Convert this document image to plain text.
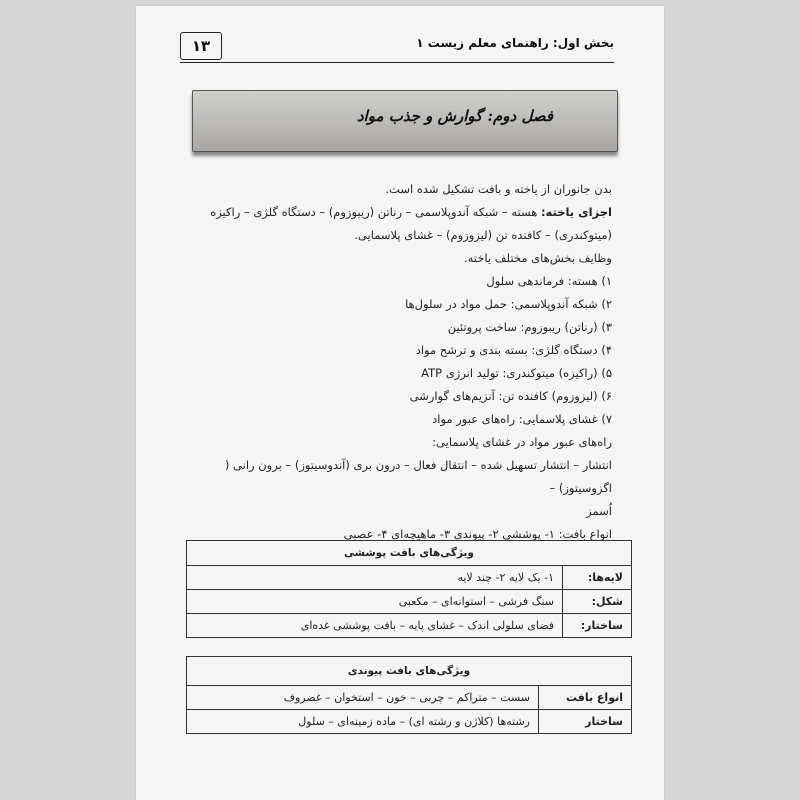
۱۳	بخش اول: راهنمای معلم زیست ۱
فصل دوم: گوارش و جذب مواد

بدن جانوران از یاخته و بافت تشکیل شده است.

اجزای یاخته: هسته – شبکه آندوپلاسمی – رناتن (ریبوزوم) – دستگاه گلژی – راکیزه

(میتوکندری) – کافنده تن (لیزوزوم) – غشای پلاسمایی.

وظایف بخش‌های مختلف یاخته.

۱) هسته: فرماندهی سلول

۲) شبکه آندوپلاسمی: حمل مواد در سلول‌ها

۳) (رناتن) ریبوزوم: ساخت پروتئین

۴) دستگاه گلژی: بسته بندی و ترشح مواد

۵) (راکیزه) میتوکندری: تولید انرژی ATP

۶) (لیزوزوم) کافنده تن: آنزیم‌های گوارشی

۷) غشای پلاسمایی: راه‌های عبور مواد

راه‌های عبور مواد در غشای پلاسمایی:

انتشار – انتشار تسهیل شده – انتقال فعال – درون بری (آندوسیتوز) – برون رانی ( اگزوسیتوز) –

اُسمز

انواع بافت: ۱- پوششی ۲- پیوندی ۳- ماهیچه‌ای ۴- عصبی

ویژگی‌های بافت پوششی	
لایه‌ها:	۱- یک لایه ۲- چند لایه
شکل:	سنگ فرشی – استوانه‌ای – مکعبی
ساختار:	فضای سلولی اندک – غشای پایه – بافت پوششی غده‌ای
ویژگی‌های بافت پیوندی	
انواع بافت	سست – متراکم – چربی – خون – استخوان – غضروف
ساختار	رشته‌ها (کلاژن و رشته ای) – ماده زمینه‌ای – سلول
